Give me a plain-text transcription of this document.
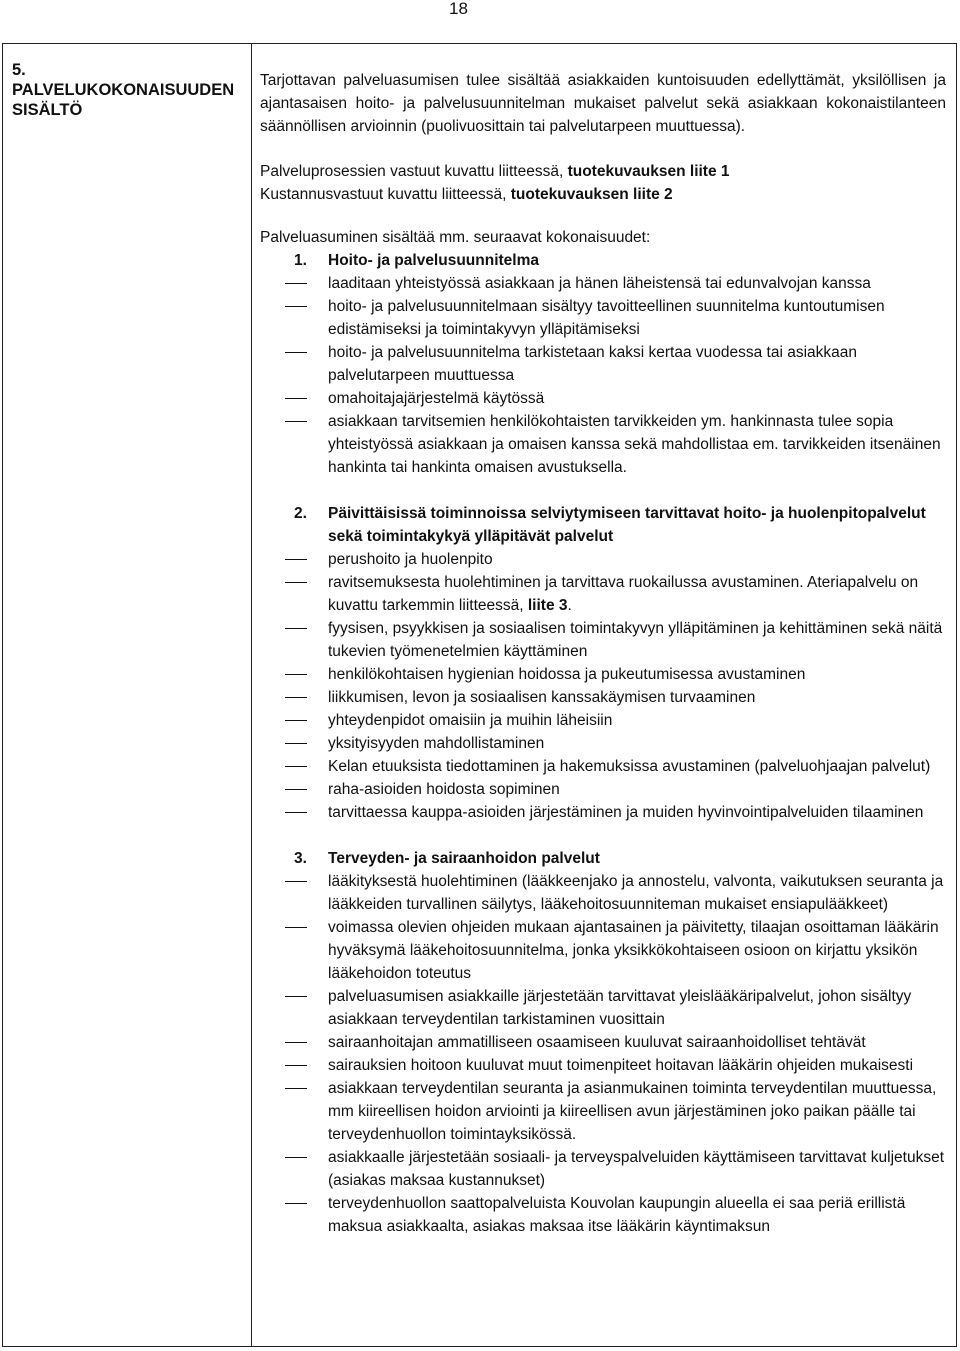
18

5.

PALVELUKOKONAISUUDEN

SISÄLTÖ

Tarjottavan palveluasumisen tulee sisältää asiakkaiden kuntoisuuden edellyttämät, yksilöllisen ja ajantasaisen hoito- ja palvelusuunnitelman mukaiset palvelut sekä asiakkaan kokonaistilanteen säännöllisen arvioinnin (puolivuosittain tai palvelutarpeen muuttuessa).

Palveluprosessien vastuut kuvattu liitteessä, tuotekuvauksen liite 1

Kustannusvastuut kuvattu liitteessä, tuotekuvauksen liite 2

Palveluasuminen sisältää mm. seuraavat kokonaisuudet:

1. Hoito- ja palvelusuunnitelma
laaditaan yhteistyössä asiakkaan ja hänen läheistensä tai edunvalvojan kanssa
hoito- ja palvelusuunnitelmaan sisältyy tavoitteellinen suunnitelma kuntoutumisen edistämiseksi ja toimintakyvyn ylläpitämiseksi
hoito- ja palvelusuunnitelma tarkistetaan kaksi kertaa vuodessa tai asiakkaan palvelutarpeen muuttuessa
omahoitajajärjestelmä käytössä
asiakkaan tarvitsemien henkilökohtaisten tarvikkeiden ym. hankinnasta tulee sopia yhteistyössä asiakkaan ja omaisen kanssa sekä mahdollistaa em. tarvikkeiden itsenäinen hankinta tai hankinta omaisen avustuksella.
2. Päivittäisissä toiminnoissa selviytymiseen tarvittavat hoito- ja huolenpitopalvelut sekä toimintakykyä ylläpitävät palvelut
perushoito ja huolenpito
ravitsemuksesta huolehtiminen ja tarvittava ruokailussa avustaminen. Ateriapalvelu on kuvattu tarkemmin liitteessä, liite 3.
fyysisen, psyykkisen ja sosiaalisen toimintakyvyn ylläpitäminen ja kehittäminen sekä näitä tukevien työmenetelmien käyttäminen
henkilökohtaisen hygienian hoidossa ja pukeutumisessa avustaminen
liikkumisen, levon ja sosiaalisen kanssakäymisen turvaaminen
yhteydenpidot omaisiin ja muihin läheisiin
yksityisyyden mahdollistaminen
Kelan etuuksista tiedottaminen ja hakemuksissa avustaminen (palveluohjaajan palvelut)
raha-asioiden hoidosta sopiminen
tarvittaessa kauppa-asioiden järjestäminen ja muiden hyvinvointipalveluiden tilaaminen
3. Terveyden- ja sairaanhoidon palvelut
lääkityksestä huolehtiminen (lääkkeenjako ja annostelu, valvonta, vaikutuksen seuranta ja lääkkeiden turvallinen säilytys, lääkehoitosuunniteman mukaiset ensiapulääkkeet)
voimassa olevien ohjeiden mukaan ajantasainen ja päivitetty, tilaajan osoittaman lääkärin hyväksymä lääkehoitosuunnitelma, jonka yksikkökohtaiseen osioon on kirjattu yksikön lääkehoidon toteutus
palveluasumisen asiakkaille järjestetään tarvittavat yleislääkäripalvelut, johon sisältyy asiakkaan terveydentilan tarkistaminen vuosittain
sairaanhoitajan ammatilliseen osaamiseen kuuluvat sairaanhoidolliset tehtävät
sairauksien hoitoon kuuluvat muut toimenpiteet hoitavan lääkärin ohjeiden mukaisesti
asiakkaan terveydentilan seuranta ja asianmukainen toiminta terveydentilan muuttuessa, mm kiireellisen hoidon arviointi ja kiireellisen avun järjestäminen joko paikan päälle tai terveydenhuollon toimintayksikössä.
asiakkaalle järjestetään sosiaali- ja terveyspalveluiden käyttämiseen tarvittavat kuljetukset (asiakas maksaa kustannukset)
terveydenhuollon saattopalveluista Kouvolan kaupungin alueella ei saa periä erillistä maksua asiakkaalta, asiakas maksaa itse lääkärin käyntimaksun
